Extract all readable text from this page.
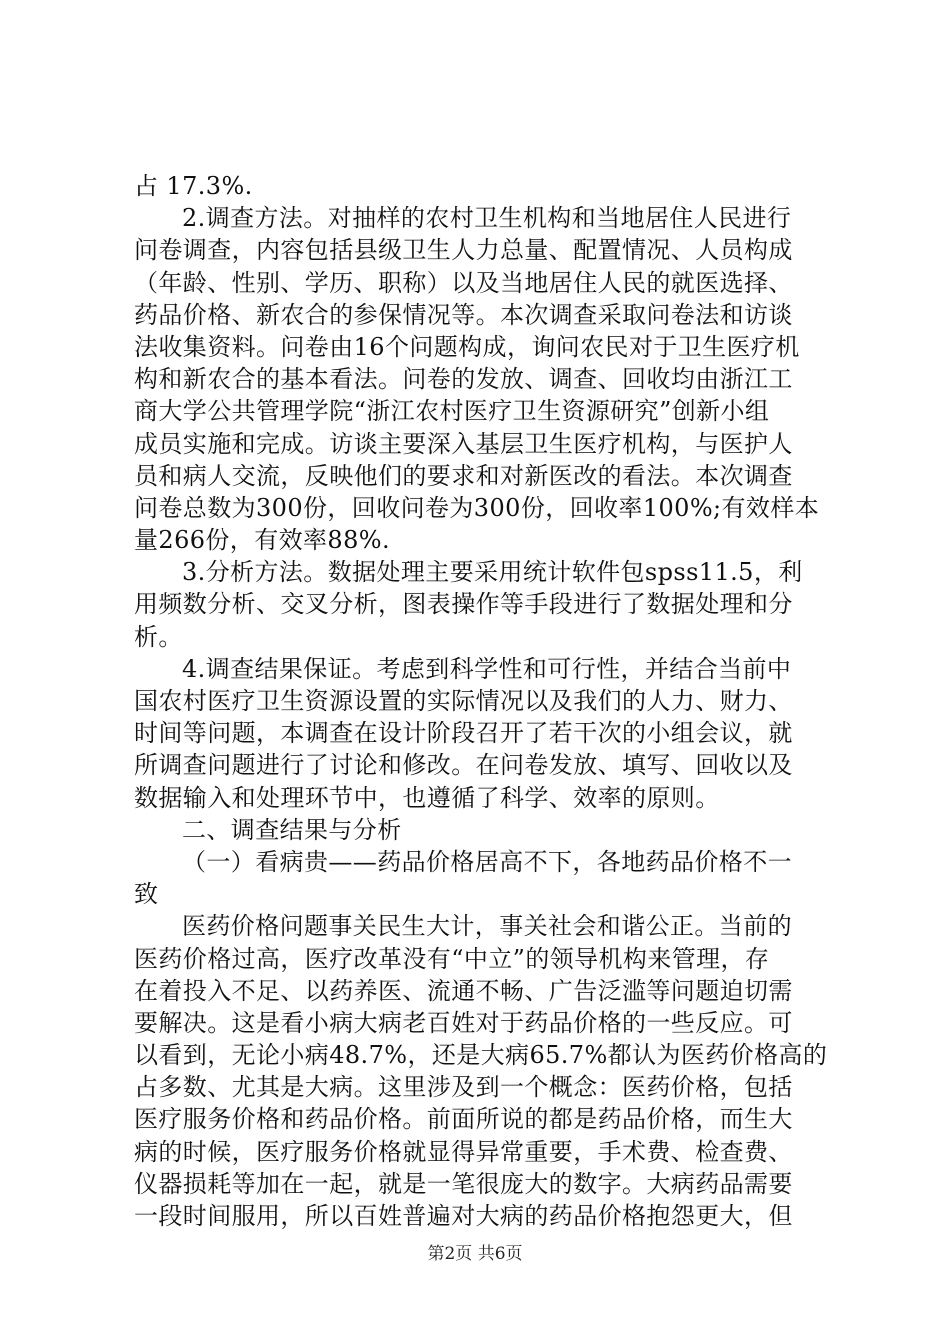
占 17.3%.
2.调查方法。对抽样的农村卫生机构和当地居住人民进行
问卷调查，内容包括县级卫生人力总量、配置情况、人员构成
（年龄、性别、学历、职称）以及当地居住人民的就医选择、
药品价格、新农合的参保情况等。本次调查采取问卷法和访谈
法收集资料。问卷由16个问题构成，询问农民对于卫生医疗机
构和新农合的基本看法。问卷的发放、调查、回收均由浙江工
商大学公共管理学院“浙江农村医疗卫生资源研究”创新小组
成员实施和完成。访谈主要深入基层卫生医疗机构，与医护人
员和病人交流，反映他们的要求和对新医改的看法。本次调查
问卷总数为300份，回收问卷为300份，回收率100%;有效样本
量266份，有效率88%.
3.分析方法。数据处理主要采用统计软件包spss11.5，利
用频数分析、交叉分析，图表操作等手段进行了数据处理和分
析。
4.调查结果保证。考虑到科学性和可行性，并结合当前中
国农村医疗卫生资源设置的实际情况以及我们的人力、财力、
时间等问题，本调查在设计阶段召开了若干次的小组会议，就
所调查问题进行了讨论和修改。在问卷发放、填写、回收以及
数据输入和处理环节中，也遵循了科学、效率的原则。
二、调查结果与分析
（一）看病贵——药品价格居高不下，各地药品价格不一
致
医药价格问题事关民生大计，事关社会和谐公正。当前的
医药价格过高，医疗改革没有“中立”的领导机构来管理，存
在着投入不足、以药养医、流通不畅、广告泛滥等问题迫切需
要解决。这是看小病大病老百姓对于药品价格的一些反应。可
以看到，无论小病48.7%，还是大病65.7%都认为医药价格高的
占多数、尤其是大病。这里涉及到一个概念：医药价格，包括
医疗服务价格和药品价格。前面所说的都是药品价格，而生大
病的时候，医疗服务价格就显得异常重要，手术费、检查费、
仪器损耗等加在一起，就是一笔很庞大的数字。大病药品需要
一段时间服用，所以百姓普遍对大病的药品价格抱怨更大，但
第2页 共6页
